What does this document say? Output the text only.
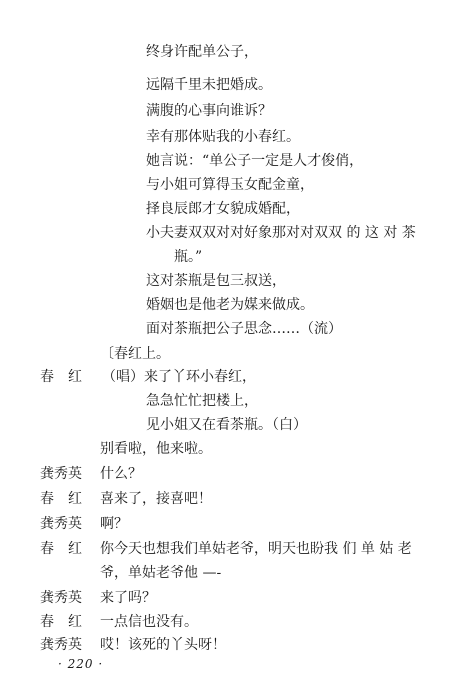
终身许配单公子，
远隔千里未把婚成。
满腹的心事向谁诉？
幸有那体贴我的小春红。
她言说：“单公子一定是人才俊俏，
与小姐可算得玉女配金童，
择良辰郎才女貌成婚配，
小夫妻双双对对好象那对对双双 的 这 对 茶
瓶。”
这对茶瓶是包三叔送，
婚姻也是他老为媒来做成。
面对茶瓶把公子思念……（流）
〔春红上。
春　红 （唱）来了丫环小春红，
急急忙忙把楼上，
见小姐又在看茶瓶。（白）
别看啦，他来啦。
龚秀英 什么？
春　红 喜来了，接喜吧！
龚秀英 啊？
春　红 你今天也想我们单姑老爷，明天也盼我 们 单 姑 老
爷，单姑老爷他 —-
龚秀英 来了吗？
春　红 一点信也没有。
龚秀英 哎！该死的丫头呀！
· 220 ·
